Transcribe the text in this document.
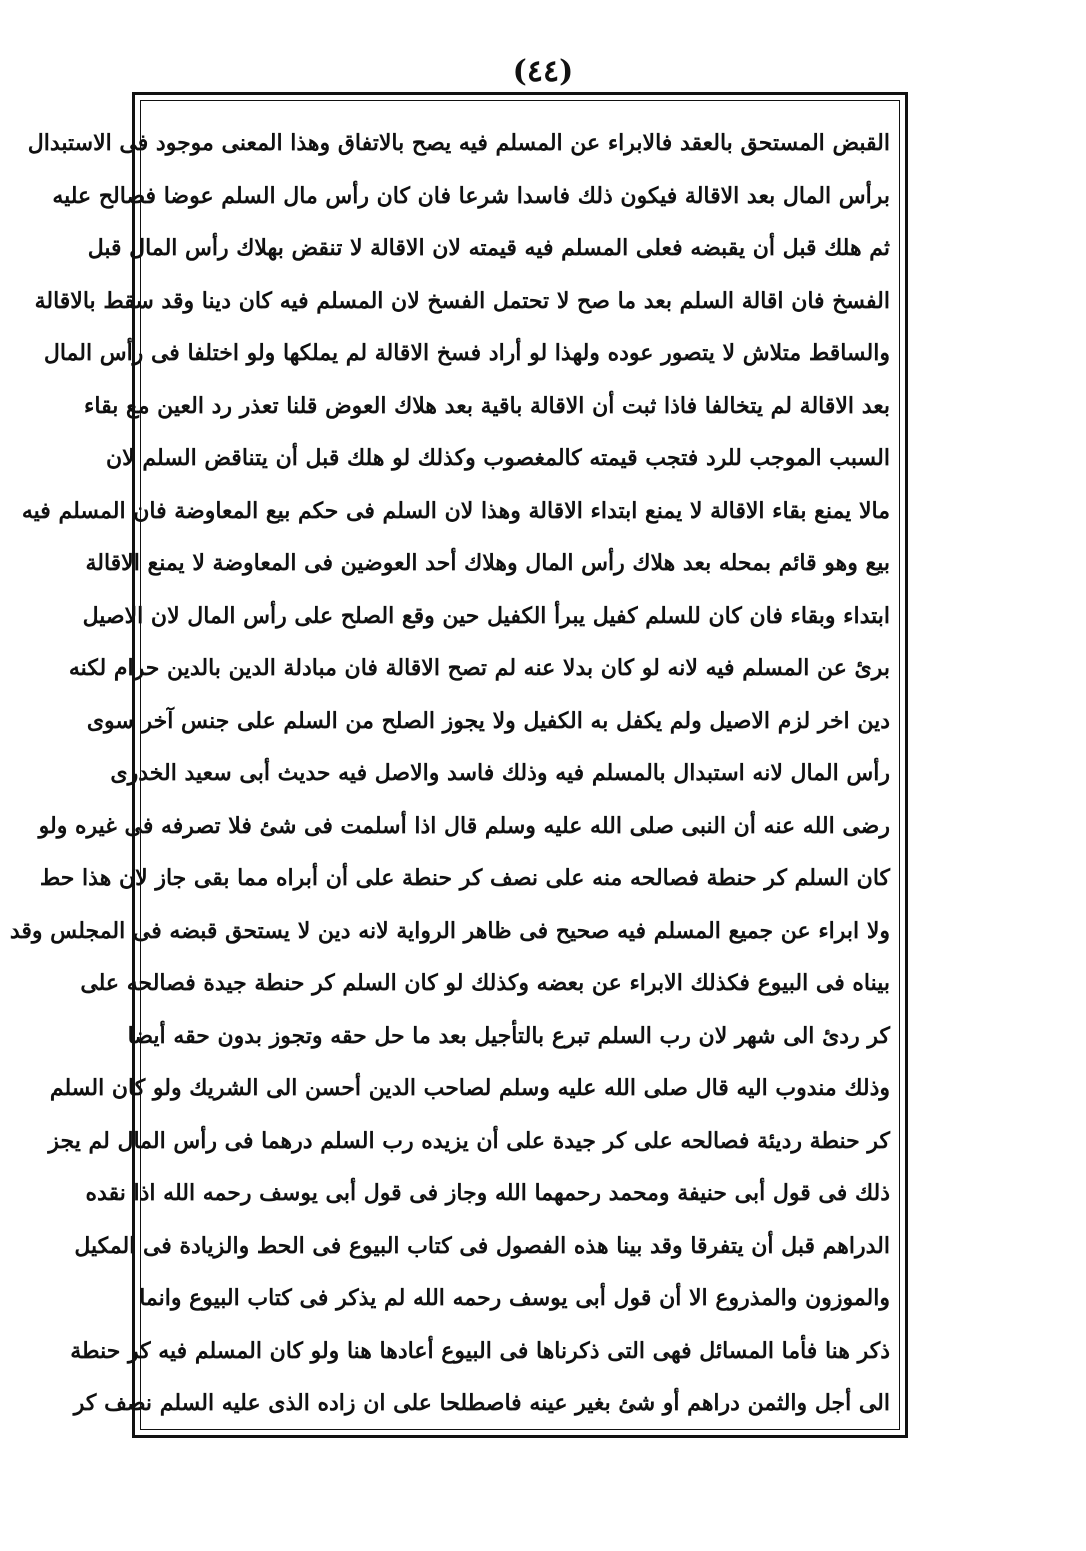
(٤٤)
القبض المستحق بالعقد فالابراء عن المسلم فيه يصح بالاتفاق وهذا المعنى موجود فى الاستبدال
برأس المال بعد الاقالة فيكون ذلك فاسدا شرعا فان كان رأس مال السلم عوضا فصالح عليه
ثم هلك قبل أن يقبضه فعلى المسلم فيه قيمته لان الاقالة لا تنقض بهلاك رأس المال قبل
الفسخ فان اقالة السلم بعد ما صح لا تحتمل الفسخ لان المسلم فيه كان دينا وقد سقط بالاقالة
والساقط متلاش لا يتصور عوده ولهذا لو أراد فسخ الاقالة لم يملكها ولو اختلفا فى رأس المال
بعد الاقالة لم يتخالفا فاذا ثبت أن الاقالة باقية بعد هلاك العوض قلنا تعذر رد العين مع بقاء
السبب الموجب للرد فتجب قيمته كالمغصوب وكذلك لو هلك قبل أن يتناقض السلم لان
مالا يمنع بقاء الاقالة لا يمنع ابتداء الاقالة وهذا لان السلم فى حكم بيع المعاوضة فان المسلم فيه
بيع وهو قائم بمحله بعد هلاك رأس المال وهلاك أحد العوضين فى المعاوضة لا يمنع الاقالة
ابتداء وبقاء فان كان للسلم كفيل يبرأ الكفيل حين وقع الصلح على رأس المال لان الاصيل
برئ عن المسلم فيه لانه لو كان بدلا عنه لم تصح الاقالة فان مبادلة الدين بالدين حرام لكنه
دين اخر لزم الاصيل ولم يكفل به الكفيل ولا يجوز الصلح من السلم على جنس آخر سوى
رأس المال لانه استبدال بالمسلم فيه وذلك فاسد والاصل فيه حديث أبى سعيد الخدرى
رضى الله عنه أن النبى صلى الله عليه وسلم قال اذا أسلمت فى شئ فلا تصرفه فى غيره ولو
كان السلم كر حنطة فصالحه منه على نصف كر حنطة على أن أبراه مما بقى جاز لان هذا حط
ولا ابراء عن جميع المسلم فيه صحيح فى ظاهر الرواية لانه دين لا يستحق قبضه فى المجلس وقد
بيناه فى البيوع فكذلك الابراء عن بعضه وكذلك لو كان السلم كر حنطة جيدة فصالحه على
كر ردئ الى شهر لان رب السلم تبرع بالتأجيل بعد ما حل حقه وتجوز بدون حقه أيضا
وذلك مندوب اليه قال صلى الله عليه وسلم لصاحب الدين أحسن الى الشريك ولو كان السلم
كر حنطة رديئة فصالحه على كر جيدة على أن يزيده رب السلم درهما فى رأس المال لم يجز
ذلك فى قول أبى حنيفة ومحمد رحمهما الله وجاز فى قول أبى يوسف رحمه الله اذا نقده
الدراهم قبل أن يتفرقا وقد بينا هذه الفصول فى كتاب البيوع فى الحط والزيادة فى المكيل
والموزون والمذروع الا أن قول أبى يوسف رحمه الله لم يذكر فى كتاب البيوع وانما
ذكر هنا فأما المسائل فهى التى ذكرناها فى البيوع أعادها هنا ولو كان المسلم فيه كر حنطة
الى أجل والثمن دراهم أو شئ بغير عينه فاصطلحا على ان زاده الذى عليه السلم نصف كر
